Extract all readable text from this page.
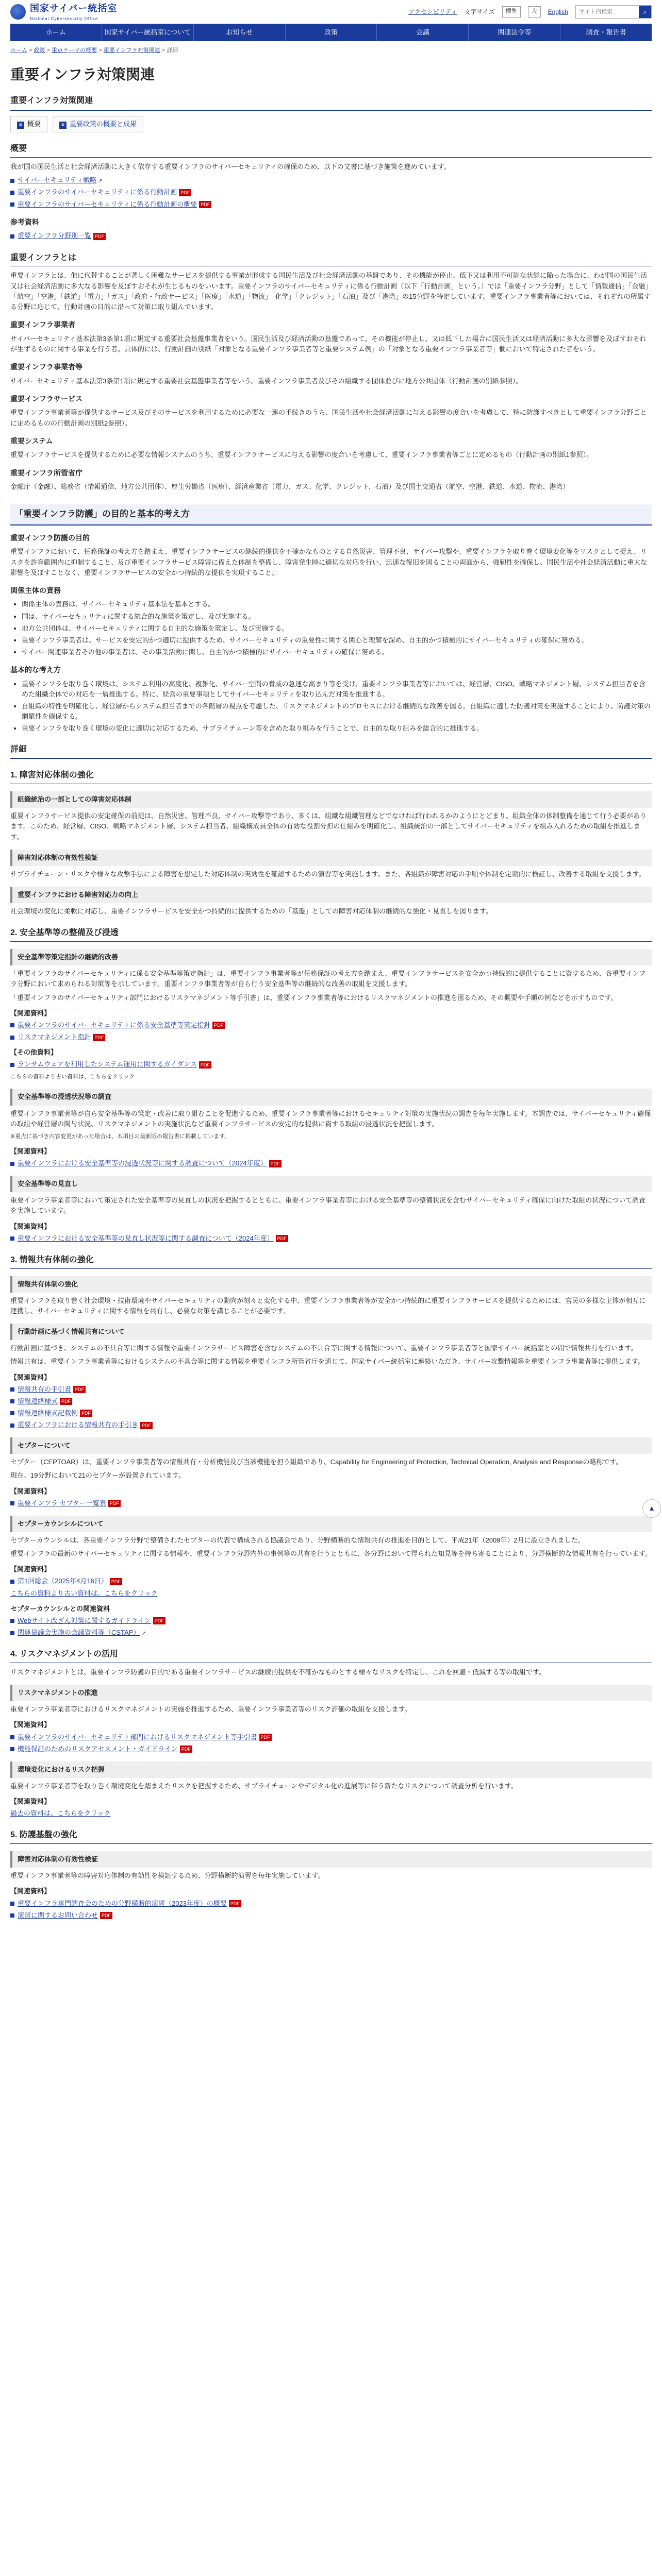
国家サイバー統括室
National Cybersecurity Office
アクセシビリティ 文字サイズ	標準	大	English
サイト内検索	⌕
ホーム	国家サイバー統括室について	お知らせ	政策	会議	関連法令等	調査・報告書
ホーム > 政策 > 重点テーマの概要 > 重要インフラ対策関連 > 詳細
重要インフラ対策関連
重要インフラ対策関連
≡ 概要	≡ 重要政策の概要と成果
概要

我が国の国民生活と社会経済活動に大きく依存する重要インフラのサイバーセキュリティの確保のため、以下の文書に基づき施策を進めています。

サイバーセキュリティ戦略 ↗
重要インフラのサイバーセキュリティに係る行動計画 PDF
重要インフラのサイバーセキュリティに係る行動計画の概要 PDF
参考資料
重要インフラ分野別一覧 PDF
重要インフラとは

重要インフラとは、他に代替することが著しく困難なサービスを提供する事業が形成する国民生活及び社会経済活動の基盤であり、その機能が停止、低下又は利用不可能な状態に陥った場合に、わが国の国民生活又は社会経済活動に多大なる影響を及ぼすおそれが生じるものをいいます。重要インフラのサイバーセキュリティに係る行動計画（以下「行動計画」という。）では「重要インフラ分野」として「情報通信」「金融」「航空」「空港」「鉄道」「電力」「ガス」「政府・行政サービス」「医療」「水道」「物流」「化学」「クレジット」「石油」及び「港湾」の15分野を特定しています。重要インフラ事業者等においては、それぞれの所属する分野に応じて、行動計画の目的に沿って対策に取り組んでいます。

重要インフラ事業者

サイバーセキュリティ基本法第3条第1項に規定する重要社会基盤事業者をいう。国民生活及び経済活動の基盤であって、その機能が停止し、又は低下した場合に国民生活又は経済活動に多大な影響を及ぼすおそれが生ずるものに関する事業を行う者。具体的には、行動計画の別紙「対象となる重要インフラ事業者等と重要システム例」の「対象となる重要インフラ事業者等」欄において特定された者をいう。

重要インフラ事業者等

サイバーセキュリティ基本法第3条第1項に規定する重要社会基盤事業者等をいう。重要インフラ事業者及びその組織する団体並びに地方公共団体（行動計画の別紙参照）。

重要インフラサービス

重要インフラ事業者等が提供するサービス及びそのサービスを利用するために必要な一連の手続きのうち、国民生活や社会経済活動に与える影響の度合いを考慮して、特に防護すべきとして重要インフラ分野ごとに定めるものの行動計画の別紙2参照）。

重要システム

重要インフラサービスを提供するために必要な情報システムのうち、重要インフラサービスに与える影響の度合いを考慮して、重要インフラ事業者等ごとに定めるもの（行動計画の別紙1参照）。

重要インフラ所管省庁

金融庁（金融）、総務省（情報通信、地方公共団体）、厚生労働省（医療）、経済産業省（電力、ガス、化学、クレジット、石油）及び国土交通省（航空、空港、鉄道、水道、物流、港湾）

「重要インフラ防護」の目的と基本的考え方
重要インフラ防護の目的

重要インフラにおいて、任務保証の考え方を踏まえ、重要インフラサービスの継続的提供を不確かなものとする自然災害、管理不良、サイバー攻撃や、重要インフラを取り巻く環境変化等をリスクとして捉え、リスクを許容範囲内に抑制すること、及び重要インフラサービス障害に備えた体制を整備し、障害発生時に適切な対応を行い、迅速な復旧を図ることの両面から、強靭性を確保し、国民生活や社会経済活動に重大な影響を及ぼすことなく、重要インフラサービスの安全かつ持続的な提供を実現すること。

関係主体の責務
• 関係主体の責務は、サイバーセキュリティ基本法を基本とする。
• 国は、サイバーセキュリティに関する総合的な施策を策定し、及び実施する。
• 地方公共団体は、サイバーセキュリティに関する自主的な施策を策定し、及び実施する。
• 重要インフラ事業者は、サービスを安定的かつ適切に提供するため、サイバーセキュリティの重要性に関する関心と理解を深め、自主的かつ積極的にサイバーセキュリティの確保に努める。
• サイバー関連事業者その他の事業者は、その事業活動に関し、自主的かつ積極的にサイバーセキュリティの確保に努める。
基本的な考え方
• 重要インフラを取り巻く環境は、システム利用の高度化、複雑化、サイバー空間の脅威の急速な高まり等を受け、重要インフラ事業者等においては、経営層、CISO、戦略マネジメント層、システム担当者を含めた組織全体での対応を一層推進する。特に、経営の重要事項としてサイバーセキュリティを取り込んだ対策を推進する。
• 自組織の特性を明確化し、経営層からシステム担当者までの各階層の視点を考慮した、リスクマネジメントのプロセスにおける継続的な改善を図る。自組織に適した防護対策を実施することにより、防護対策の網羅性を確保する。
• 重要インフラを取り巻く環境の変化に適切に対応するため、サプライチェーン等を含めた取り組みを行うことで、自主的な取り組みを総合的に推進する。
詳細
1. 障害対応体制の強化
組織統治の一部としての障害対応体制

重要インフラサービス提供の安定確保の前提は、自然災害、管理不良、サイバー攻撃等であり、多くは、組織な組織管理などでなければ行われるかのようにとどまり、組織全体の体制整備を通じて行う必要があります。このため、経営層、CISO、戦略マネジメント層、システム担当者、組織構成員全体の有効な役割分担の仕組みを明確化し、組織統治の一部としてサイバーセキュリティを組み入れるための取組を推進します。

障害対応体制の有効性検証

サプライチェーン・リスクや様々な攻撃手法による障害を想定した対応体制の実効性を確認するための演習等を実施します。また、各組織が障害対応の手順や体制を定期的に検証し、改善する取組を支援します。

重要インフラにおける障害対応力の向上

社会環境の変化に柔軟に対応し、重要インフラサービスを安全かつ持続的に提供するための「基盤」としての障害対応体制の継続的な強化・見直しを図ります。

2. 安全基準等の整備及び浸透
安全基準等策定指針の継続的改善

「重要インフラのサイバーセキュリティに係る安全基準等策定指針」は、重要インフラ事業者等が任務保証の考え方を踏まえ、重要インフラサービスを安全かつ持続的に提供することに資するため、各重要インフラ分野において求められる対策等を示しています。重要インフラ事業者等が自ら行う安全基準等の継続的な改善の取組を支援します。

「重要インフラのサイバーセキュリティ部門におけるリスクマネジメント等手引書」は、重要インフラ事業者等におけるリスクマネジメントの推進を図るため、その概要や手順の例などを示すものです。

【関連資料】
重要インフラのサイバーセキュリティに係る安全基準等策定指針 PDF
リスクマネジメント指針 PDF
【その他資料】
ランサムウェアを利用したシステム運用に関するガイダンス PDF

こちらの資料より古い資料は、こちらをクリック

安全基準等の浸透状況等の調査

重要インフラ事業者等が自ら安全基準等の策定・改善に取り組むことを促進するため、重要インフラ事業者等におけるセキュリティ対策の実施状況の調査を毎年実施します。本調査では、サイバーセキュリティ確保の取組や経営層の関与状況、リスクマネジメントの実施状況など重要インフラサービスの安定的な提供に資する取組の浸透状況を把握します。

※重点に基づき内容変更があった場合は、本項目の最新版の報告書に掲載しています。

【関連資料】
重要インフラにおける安全基準等の浸透状況等に関する調査について（2024年度） PDF
安全基準等の見直し

重要インフラ事業者等において策定された安全基準等の見直しの状況を把握するとともに、重要インフラ事業者等における安全基準等の整備状況を含むサイバーセキュリティ確保に向けた取組の状況について調査を実施しています。

【関連資料】
重要インフラにおける安全基準等の見直し状況等に関する調査について（2024年度） PDF
3. 情報共有体制の強化
情報共有体制の強化

重要インフラを取り巻く社会環境・技術環境やサイバーセキュリティの動向が刻々と変化する中、重要インフラ事業者等が安全かつ持続的に重要インフラサービスを提供するためには、官民の多様な主体が相互に連携し、サイバーセキュリティに関する情報を共有し、必要な対策を講じることが必要です。

行動計画に基づく情報共有について

行動計画に基づき、システムの不具合等に関する情報や重要インフラサービス障害を含むシステムの不具合等に関する情報について、重要インフラ事業者等と国家サイバー統括室との間で情報共有を行います。

情報共有は、重要インフラ事業者等におけるシステムの不具合等に関する情報を重要インフラ所管省庁を通じて、国家サイバー統括室に連絡いただき、サイバー攻撃情報等を重要インフラ事業者等に提供します。

【関連資料】
情報共有の手引書 PDF
情報連絡様式 PDF
情報連絡様式記載例 PDF
重要インフラにおける情報共有の手引き PDF
セプターについて

セプター（CEPTOAR）は、重要インフラ事業者等の情報共有・分析機能及び当該機能を担う組織であり、Capability for Engineering of Protection, Technical Operation, Analysis and Responseの略称です。

現在、19分野において21のセプターが設置されています。

【関連資料】
重要インフラ セプター一覧表 PDF
セプターカウンシルについて

セプターカウンシルは、各重要インフラ分野で整備されたセプターの代表で構成される協議会であり、分野横断的な情報共有の推進を目的として、平成21年（2009年）2月に設立されました。

重要インフラの最新のサイバーセキュリティに関する情報や、重要インフラ分野内外の事例等の共有を行うとともに、各分野において得られた知見等を持ち寄ることにより、分野横断的な情報共有を行っています。

【関連資料】
第1回総会（2025年4月16日） PDF
こちらの資料より古い資料は、こちらをクリック
セプターカウンシルとの関連資料
Webサイト改ざん対策に関するガイドライン PDF
関連協議会実施の会議資料等（CSTAP） ↗
4. リスクマネジメントの活用

リスクマネジメントとは、重要インフラ防護の目的である重要インフラサービスの継続的提供を不確かなものとする様々なリスクを特定し、これを回避・低減する等の取組です。

リスクマネジメントの推進

重要インフラ事業者等におけるリスクマネジメントの実施を推進するため、重要インフラ事業者等のリスク評価の取組を支援します。

【関連資料】
重要インフラのサイバーセキュリティ部門におけるリスクマネジメント等手引書 PDF
機能保証のためのリスクアセスメント・ガイドライン PDF
環境変化におけるリスク把握

重要インフラ事業者等を取り巻く環境変化を踏まえたリスクを把握するため、サプライチェーンやデジタル化の進展等に伴う新たなリスクについて調査分析を行います。

【関連資料】
過去の資料は、こちらをクリック
5. 防護基盤の強化
障害対応体制の有効性検証

重要インフラ事業者等の障害対応体制の有効性を検証するため、分野横断的演習を毎年実施しています。

【関連資料】
重要インフラ専門調査会のための分野横断的演習（2023年度）の概要 PDF
演習に関するお問い合わせ PDF
▲
